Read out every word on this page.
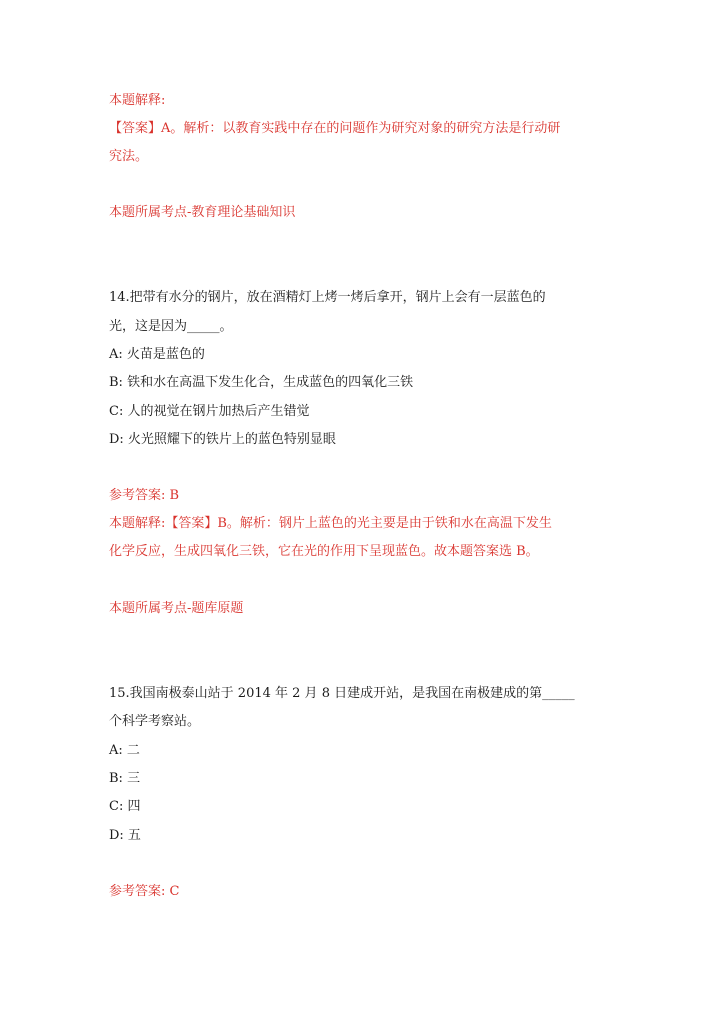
本题解释:
【答案】A。解析：以教育实践中存在的问题作为研究对象的研究方法是行动研
究法。
本题所属考点-教育理论基础知识
14.把带有水分的钢片，放在酒精灯上烤一烤后拿开，钢片上会有一层蓝色的
光，这是因为_____。
A: 火苗是蓝色的
B: 铁和水在高温下发生化合，生成蓝色的四氧化三铁
C: 人的视觉在钢片加热后产生错觉
D: 火光照耀下的铁片上的蓝色特别显眼
参考答案: B
本题解释:【答案】B。解析：钢片上蓝色的光主要是由于铁和水在高温下发生
化学反应，生成四氧化三铁，它在光的作用下呈现蓝色。故本题答案选 B。
本题所属考点-题库原题
15.我国南极泰山站于 2014 年 2 月 8 日建成开站，是我国在南极建成的第_____
个科学考察站。
A: 二
B: 三
C: 四
D: 五
参考答案: C
